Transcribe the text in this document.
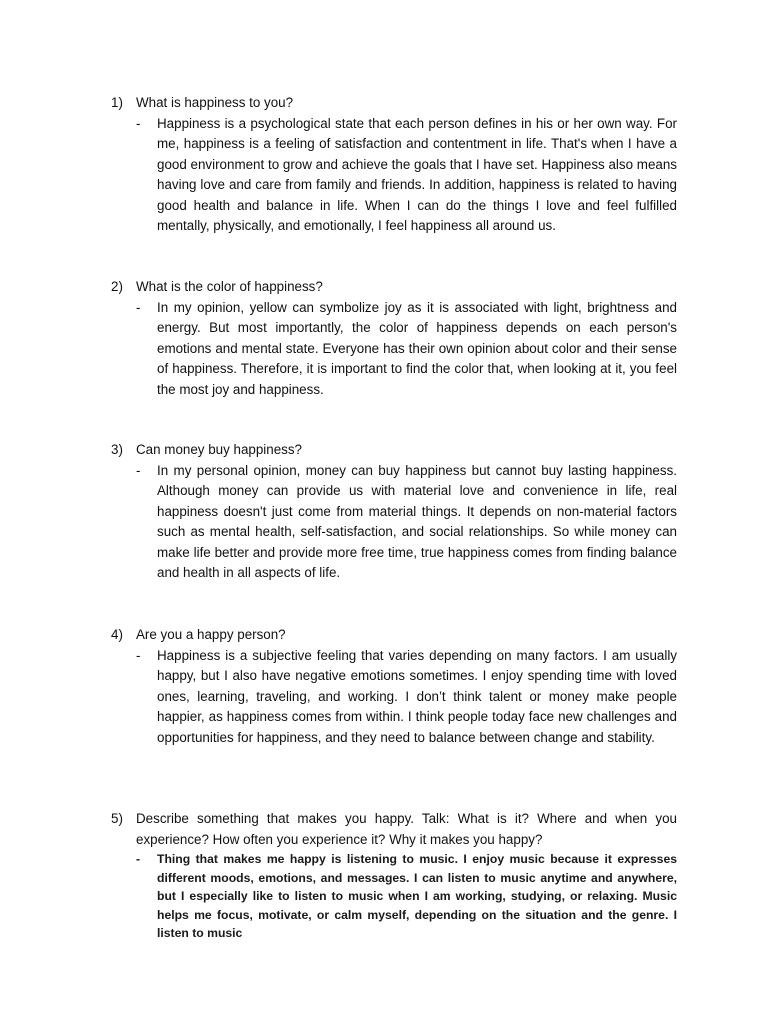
1) What is happiness to you?
- Happiness is a psychological state that each person defines in his or her own way. For me, happiness is a feeling of satisfaction and contentment in life. That's when I have a good environment to grow and achieve the goals that I have set. Happiness also means having love and care from family and friends. In addition, happiness is related to having good health and balance in life. When I can do the things I love and feel fulfilled mentally, physically, and emotionally, I feel happiness all around us.
2) What is the color of happiness?
- In my opinion, yellow can symbolize joy as it is associated with light, brightness and energy. But most importantly, the color of happiness depends on each person's emotions and mental state. Everyone has their own opinion about color and their sense of happiness. Therefore, it is important to find the color that, when looking at it, you feel the most joy and happiness.
3) Can money buy happiness?
- In my personal opinion, money can buy happiness but cannot buy lasting happiness. Although money can provide us with material love and convenience in life, real happiness doesn't just come from material things. It depends on non-material factors such as mental health, self-satisfaction, and social relationships. So while money can make life better and provide more free time, true happiness comes from finding balance and health in all aspects of life.
4) Are you a happy person?
- Happiness is a subjective feeling that varies depending on many factors. I am usually happy, but I also have negative emotions sometimes. I enjoy spending time with loved ones, learning, traveling, and working. I don’t think talent or money make people happier, as happiness comes from within. I think people today face new challenges and opportunities for happiness, and they need to balance between change and stability.
5) Describe something that makes you happy. Talk: What is it? Where and when you experience? How often you experience it? Why it makes you happy?
- Thing that makes me happy is listening to music. I enjoy music because it expresses different moods, emotions, and messages. I can listen to music anytime and anywhere, but I especially like to listen to music when I am working, studying, or relaxing. Music helps me focus, motivate, or calm myself, depending on the situation and the genre. I listen to music
